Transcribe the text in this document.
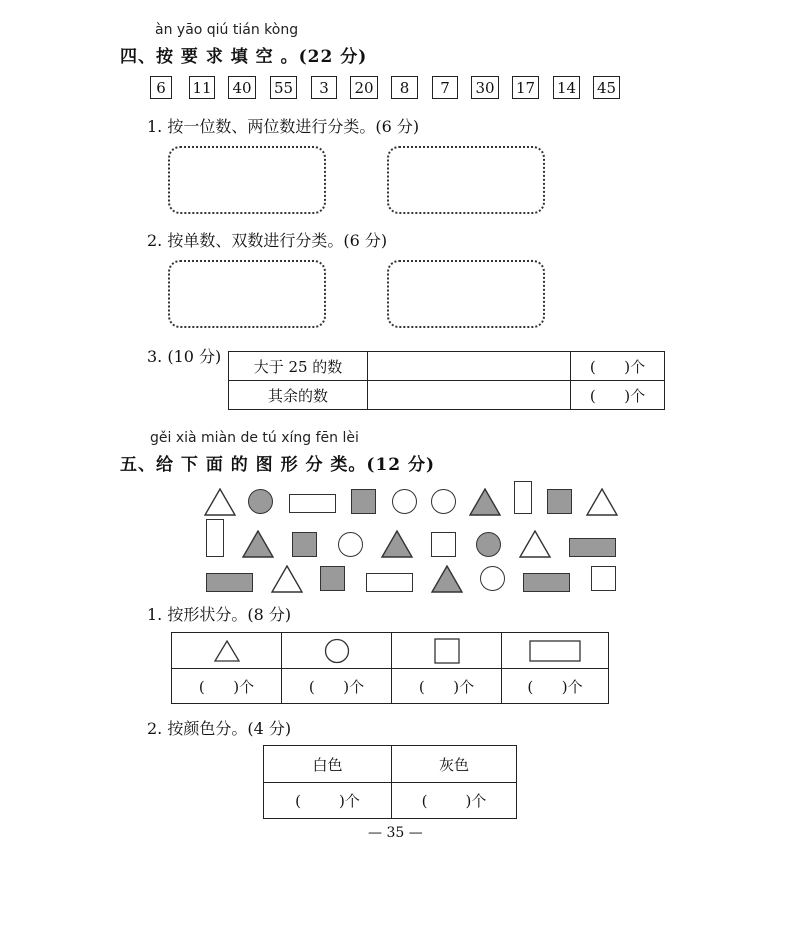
àn yāo qiú tián kòng
四、按 要 求 填 空 。(22 分)
6	11 40 55	3	20	8	7	30 17 14 45
1. 按一位数、两位数进行分类。(6 分)
2. 按单数、双数进行分类。(6 分)
3. (10 分)
大于 25 的数		(      )个
其余的数		(      )个
gěi xià miàn de tú xíng fēn lèi
五、给 下 面 的 图 形 分 类。(12 分)
1. 按形状分。(8 分)

(      )个	(      )个	(      )个	(      )个
2. 按颜色分。(4 分)
白色	灰色
(        )个	(        )个
— 35 —
